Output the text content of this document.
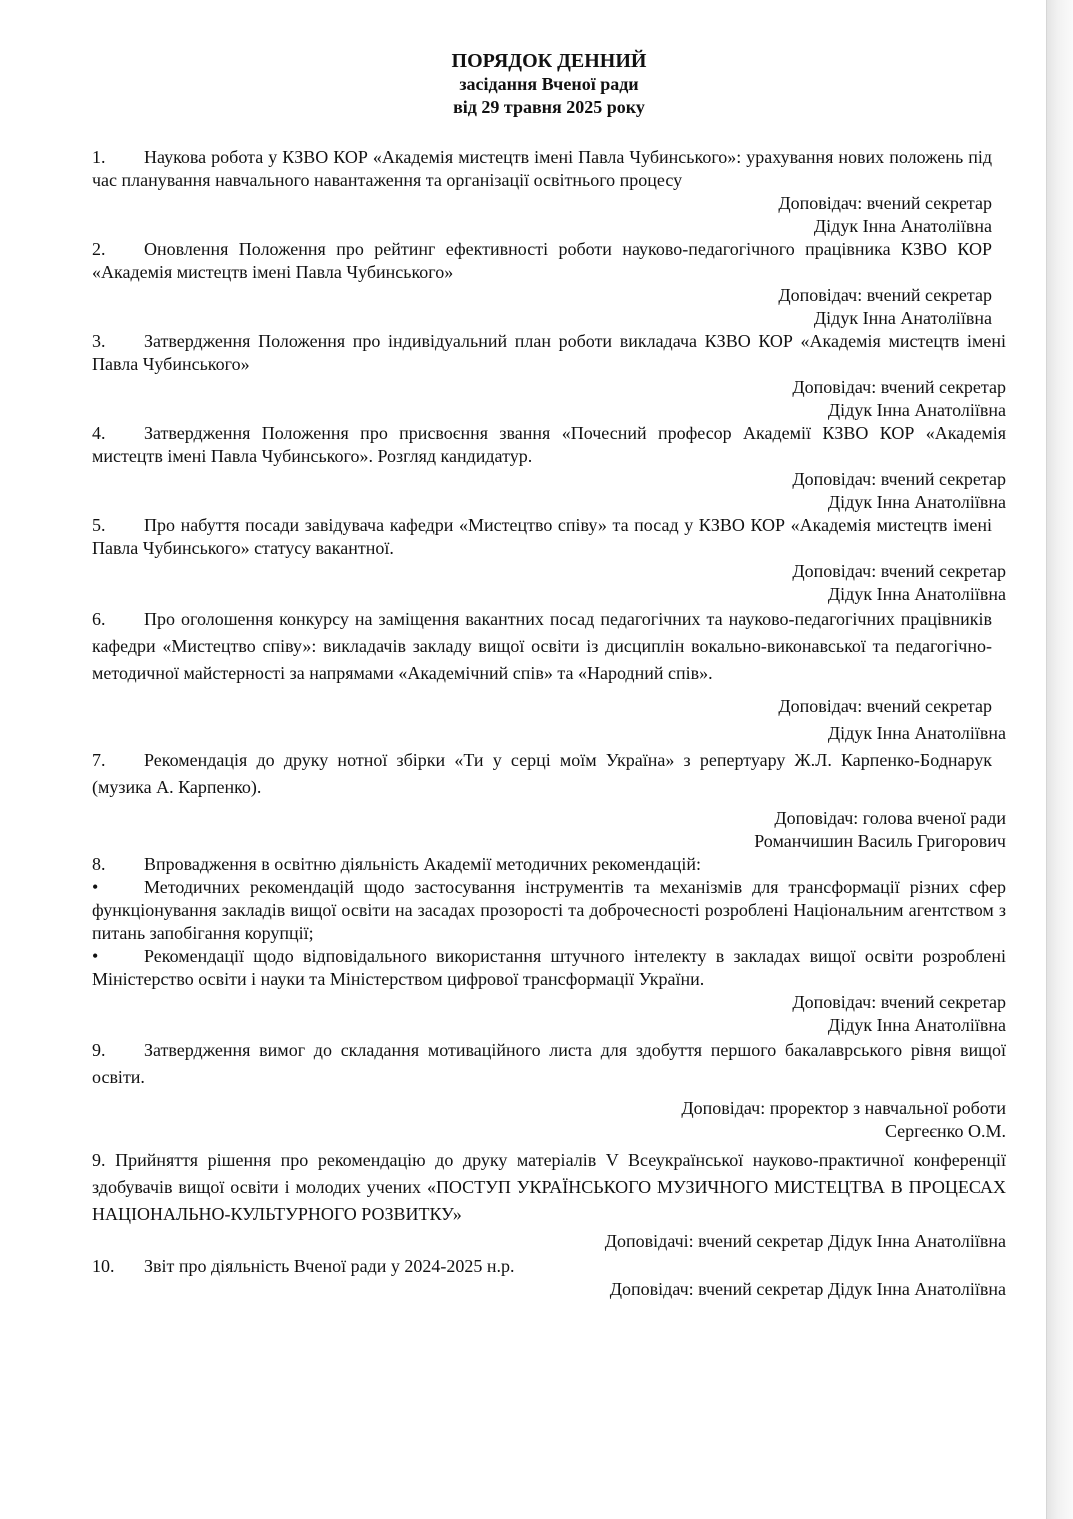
ПОРЯДОК ДЕННИЙ
засідання Вченої ради
від 29 травня 2025 року

1. Наукова робота у КЗВО КОР «Академія мистецтв імені Павла Чубинського»: урахування нових положень під час планування навчального навантаження та організації освітнього процесу

Доповідач: вчений секретар
Дідук Інна Анатоліївна

2. Оновлення Положення про рейтинг ефективності роботи науково-педагогічного працівника КЗВО КОР «Академія мистецтв імені Павла Чубинського»

Доповідач: вчений секретар
Дідук Інна Анатоліївна

3. Затвердження Положення про індивідуальний план роботи викладача КЗВО КОР «Академія мистецтв імені Павла Чубинського»

Доповідач: вчений секретар
Дідук Інна Анатоліївна

4. Затвердження Положення про присвоєння звання «Почесний професор Академії КЗВО КОР «Академія мистецтв імені Павла Чубинського». Розгляд кандидатур.

Доповідач: вчений секретар
Дідук Інна Анатоліївна

5. Про набуття посади завідувача кафедри «Мистецтво співу» та посад у КЗВО КОР «Академія мистецтв імені Павла Чубинського» статусу вакантної.

Доповідач: вчений секретар
Дідук Інна Анатоліївна

6. Про оголошення конкурсу на заміщення вакантних посад педагогічних та науково-педагогічних працівників кафедри «Мистецтво співу»: викладачів закладу вищої освіти із дисциплін вокально-виконавської та педагогічно-методичної майстерності за напрямами «Академічний спів» та «Народний спів».

Доповідач: вчений секретар
Дідук Інна Анатоліївна

7. Рекомендація до друку нотної збірки «Ти у серці моїм Україна» з репертуару Ж.Л. Карпенко-Боднарук (музика А. Карпенко).

Доповідач: голова вченої ради
Романчишин Василь Григорович

8. Впровадження в освітню діяльність Академії методичних рекомендацій:

•	Методичних рекомендацій щодо застосування інструментів та механізмів для трансформації різних сфер функціонування закладів вищої освіти на засадах прозорості та доброчесності розроблені Національним агентством з питань запобігання корупції;

•	Рекомендації щодо відповідального використання штучного інтелекту в закладах вищої освіти розроблені Міністерство освіти і науки та Міністерством цифрової трансформації України.

Доповідач: вчений секретар
Дідук Інна Анатоліївна

9. Затвердження вимог до складання мотиваційного листа для здобуття першого бакалаврського рівня вищої освіти.

Доповідач: проректор з навчальної роботи
Сергеєнко О.М.

9. Прийняття рішення про рекомендацію до друку матеріалів V Всеукраїнської науково-практичної конференції здобувачів вищої освіти і молодих учених «ПОСТУП УКРАЇНСЬКОГО МУЗИЧНОГО МИСТЕЦТВА В ПРОЦЕСАХ НАЦІОНАЛЬНО-КУЛЬТУРНОГО РОЗВИТКУ»

Доповідачі: вчений секретар Дідук Інна Анатоліївна

10. Звіт про діяльність Вченої ради у 2024-2025 н.р.

Доповідач: вчений секретар Дідук Інна Анатоліївна
